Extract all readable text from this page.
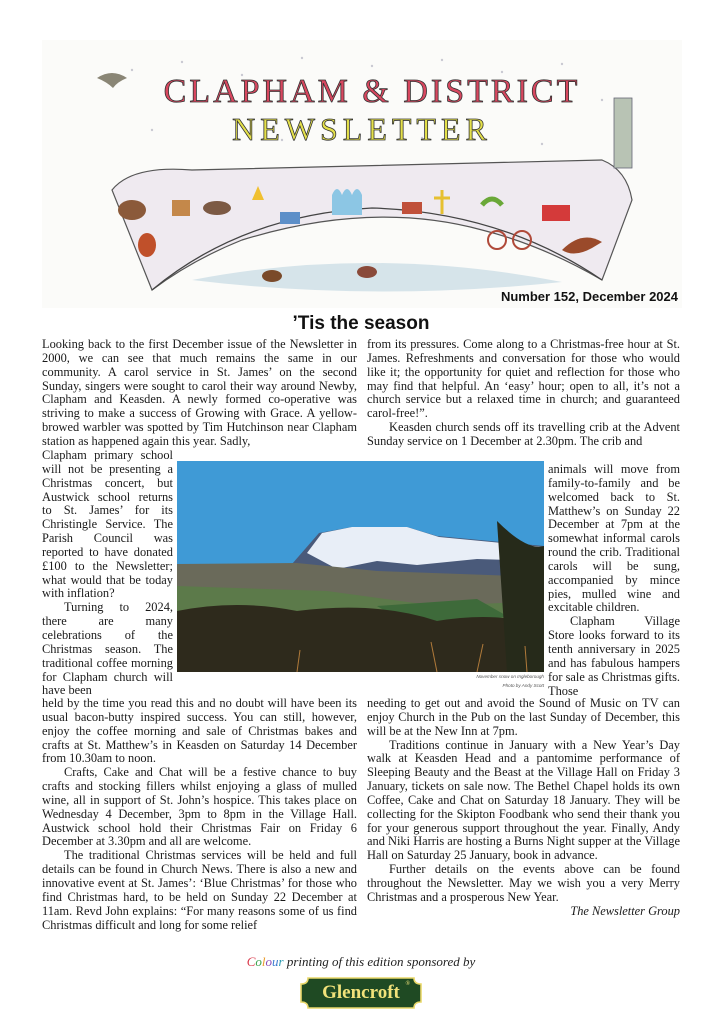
CLAPHAM & DISTRICT
NEWSLETTER
Number 152, December 2024
’Tis the season

Looking back to the first December issue of the Newsletter in 2000, we can see that much remains the same in our community. A carol service in St. James’ on the second Sunday, singers were sought to carol their way around Newby, Clapham and Keasden. A newly formed co-operative was striving to make a success of Growing with Grace. A yellow-browed warbler was spotted by Tim Hutchinson near Clapham station as happened again this year. Sadly,

Clapham primary school will not be presenting a Christmas concert, but Austwick school returns to St. James’ for its Christingle Service. The Parish Council was reported to have donated £100 to the Newsletter; what would that be today with inflation?

Turning to 2024, there are many celebrations of the Christmas season. The traditional coffee morning for Clapham church will have been

held by the time you read this and no doubt will have been its usual bacon-butty inspired success. You can still, however, enjoy the coffee morning and sale of Christmas bakes and crafts at St. Matthew’s in Keasden on Saturday 14 December from 10.30am to noon.

Crafts, Cake and Chat will be a festive chance to buy crafts and stocking fillers whilst enjoying a glass of mulled wine, all in support of St. John’s hospice. This takes place on Wednesday 4 December, 3pm to 8pm in the Village Hall. Austwick school hold their Christmas Fair on Friday 6 December at 3.30pm and all are welcome.

The traditional Christmas services will be held and full details can be found in Church News. There is also a new and innovative event at St. James’: ‘Blue Christmas’ for those who find Christmas hard, to be held on Sunday 22 December at 11am. Revd John explains: “For many reasons some of us find Christmas difficult and long for some relief

from its pressures. Come along to a Christmas-free hour at St. James. Refreshments and conversation for those who would like it; the opportunity for quiet and reflection for those who may find that helpful. An ‘easy’ hour; open to all, it’s not a church service but a relaxed time in church; and guaranteed carol-free!”.

Keasden church sends off its travelling crib at the Advent Sunday service on 1 December at 2.30pm. The crib and

animals will move from family-to-family and be welcomed back to St. Matthew’s on Sunday 22 December at 7pm at the somewhat informal carols round the crib. Traditional carols will be sung, accompanied by mince pies, mulled wine and excitable children.

Clapham Village Store looks forward to its tenth anniversary in 2025 and has fabulous hampers for sale as Christmas gifts. Those

needing to get out and avoid the Sound of Music on TV can enjoy Church in the Pub on the last Sunday of December, this will be at the New Inn at 7pm.

Traditions continue in January with a New Year’s Day walk at Keasden Head and a pantomime performance of Sleeping Beauty and the Beast at the Village Hall on Friday 3 January, tickets on sale now. The Bethel Chapel holds its own Coffee, Cake and Chat on Saturday 18 January. They will be collecting for the Skipton Foodbank who send their thank you for your generous support throughout the year. Finally, Andy and Niki Harris are hosting a Burns Night supper at the Village Hall on Saturday 25 January, book in advance.

Further details on the events above can be found throughout the Newsletter. May we wish you a very Merry Christmas and a prosperous New Year.

The Newsletter Group

November snow on Ingleborough
Photo by Andy Scott
Colour printing of this edition sponsored by
Glencroft ®
